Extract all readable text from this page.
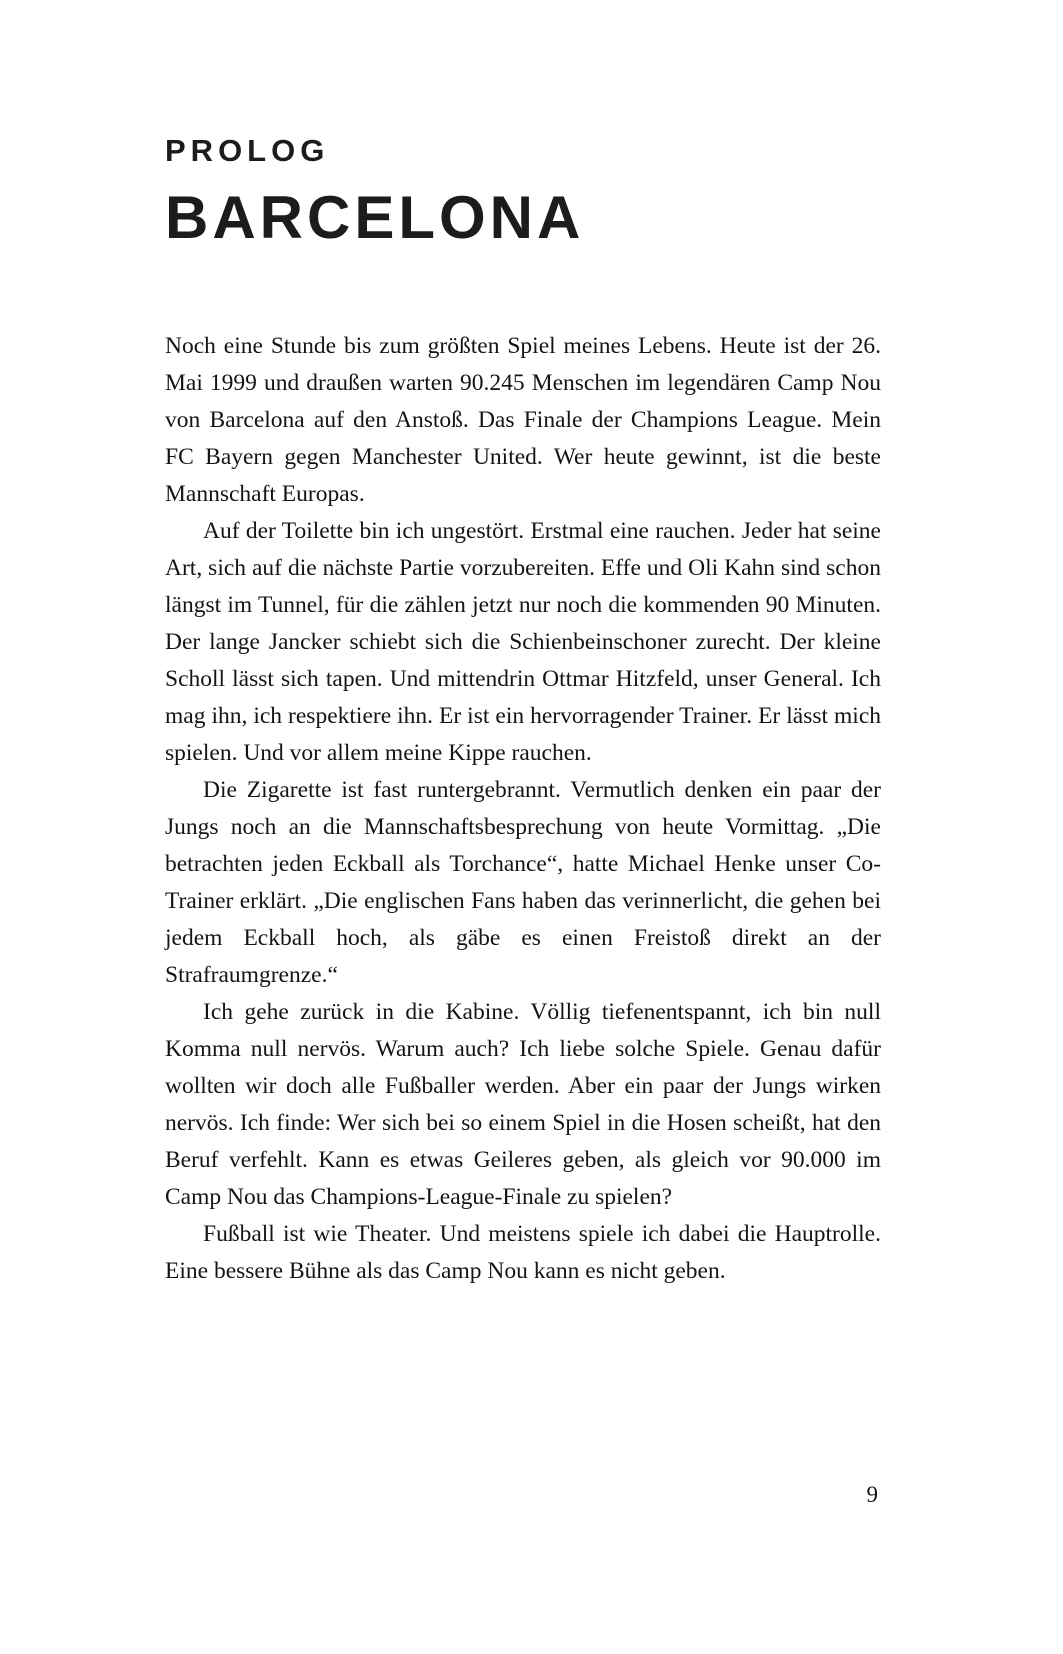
PROLOG
BARCELONA

Noch eine Stunde bis zum größten Spiel meines Lebens. Heute ist der 26. Mai 1999 und draußen warten 90.245 Menschen im legendären Camp Nou von Barcelona auf den Anstoß. Das Finale der Champions League. Mein FC Bayern gegen Manchester United. Wer heute gewinnt, ist die beste Mannschaft Europas.

Auf der Toilette bin ich ungestört. Erstmal eine rauchen. Jeder hat seine Art, sich auf die nächste Partie vorzubereiten. Effe und Oli Kahn sind schon längst im Tunnel, für die zählen jetzt nur noch die kommenden 90 Minuten. Der lange Jancker schiebt sich die Schienbeinschoner zurecht. Der kleine Scholl lässt sich tapen. Und mittendrin Ottmar Hitzfeld, unser General. Ich mag ihn, ich respektiere ihn. Er ist ein hervorragender Trainer. Er lässt mich spielen. Und vor allem meine Kippe rauchen.

Die Zigarette ist fast runtergebrannt. Vermutlich denken ein paar der Jungs noch an die Mannschaftsbesprechung von heute Vormittag. „Die betrachten jeden Eckball als Torchance“, hatte Michael Henke unser Co-Trainer erklärt. „Die englischen Fans haben das verinnerlicht, die gehen bei jedem Eckball hoch, als gäbe es einen Freistoß direkt an der Strafraumgrenze.“

Ich gehe zurück in die Kabine. Völlig tiefenentspannt, ich bin null Komma null nervös. Warum auch? Ich liebe solche Spiele. Genau dafür wollten wir doch alle Fußballer werden. Aber ein paar der Jungs wirken nervös. Ich finde: Wer sich bei so einem Spiel in die Hosen scheißt, hat den Beruf verfehlt. Kann es etwas Geileres geben, als gleich vor 90.000 im Camp Nou das Champions-League-Finale zu spielen?

Fußball ist wie Theater. Und meistens spiele ich dabei die Hauptrolle. Eine bessere Bühne als das Camp Nou kann es nicht geben.

9
